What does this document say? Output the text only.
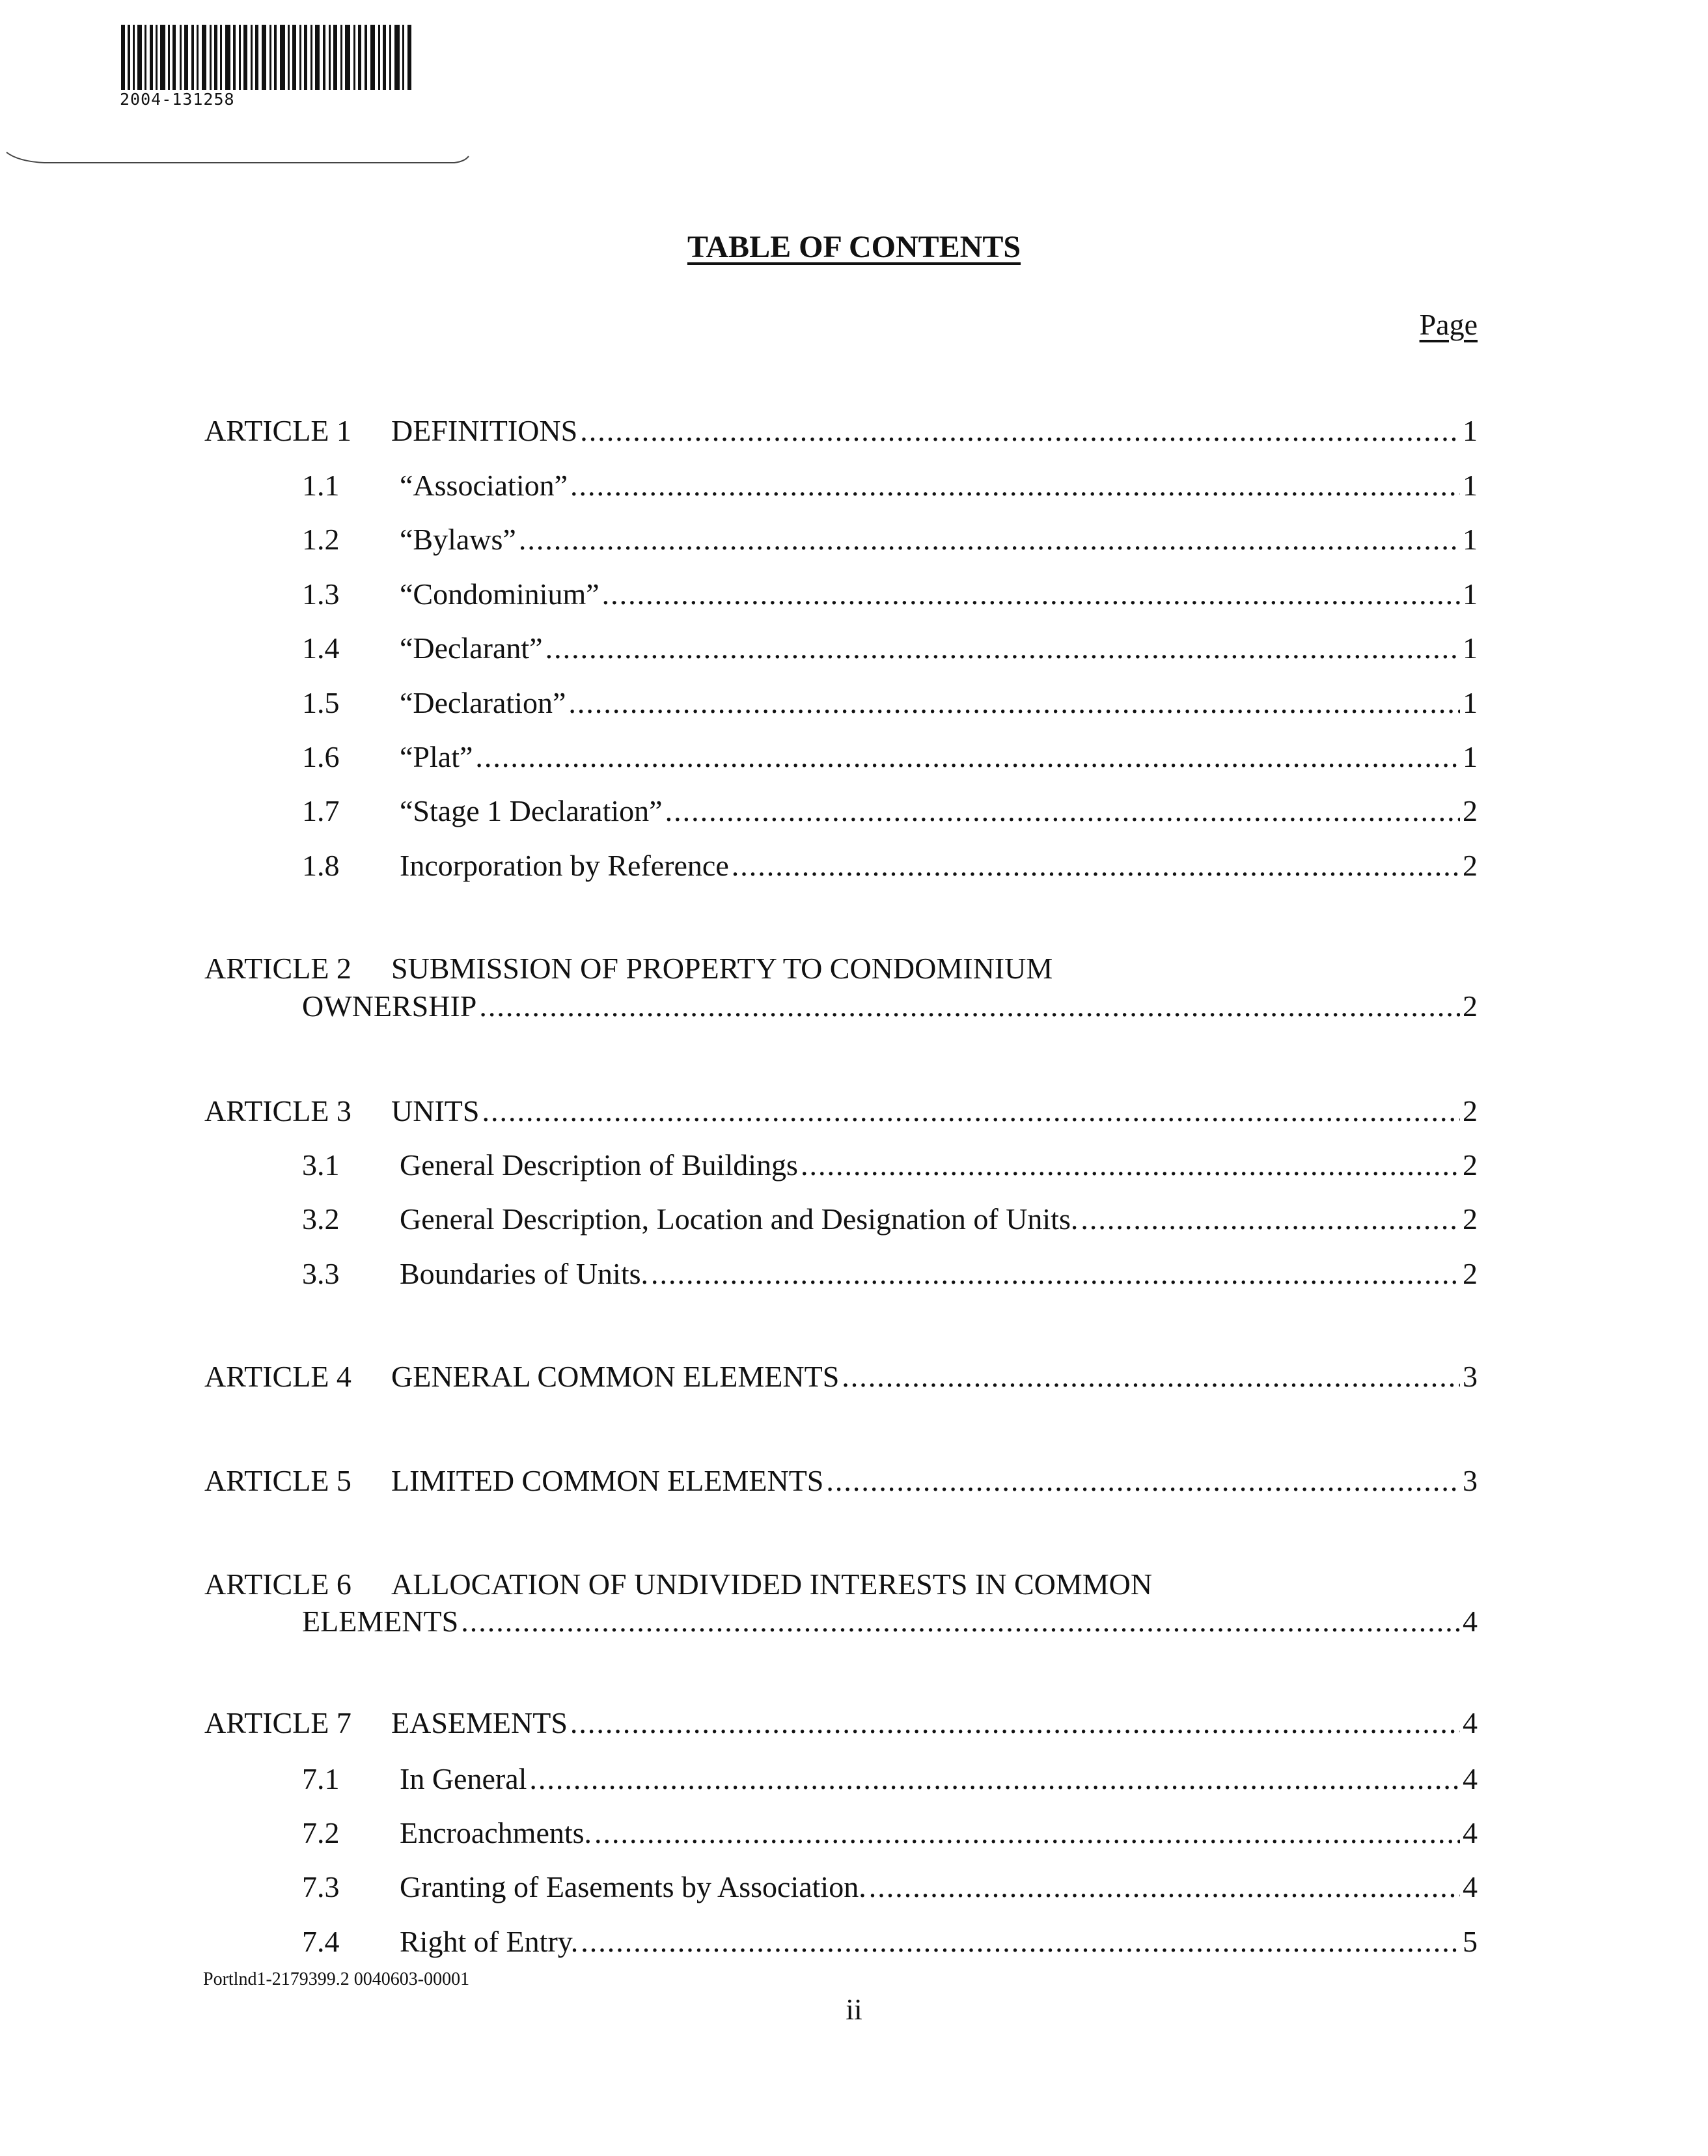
2004-131258
TABLE OF CONTENTS
Page
ARTICLE 1 DEFINITIONS .....	1
1.1 “Association” .....	1
1.2 “Bylaws” .....	1
1.3 “Condominium” .....	1
1.4 “Declarant” .....	1
1.5 “Declaration” .....	1
1.6 “Plat” .....	1
1.7 “Stage 1 Declaration” .....	2
1.8 Incorporation by Reference .....	2
ARTICLE 2 SUBMISSION OF PROPERTY TO CONDOMINIUM
OWNERSHIP .....	2
ARTICLE 3 UNITS .....	2
3.1 General Description of Buildings .....	2
3.2 General Description, Location and Designation of Units. .....	2
3.3 Boundaries of Units. .....	2
ARTICLE 4 GENERAL COMMON ELEMENTS .....	3
ARTICLE 5 LIMITED COMMON ELEMENTS .....	3
ARTICLE 6 ALLOCATION OF UNDIVIDED INTERESTS IN COMMON
ELEMENTS .....	4
ARTICLE 7 EASEMENTS .....	4
7.1 In General .....	4
7.2 Encroachments. .....	4
7.3 Granting of Easements by Association. .....	4
7.4 Right of Entry. .....	5
Portlnd1-2179399.2 0040603-00001
ii
